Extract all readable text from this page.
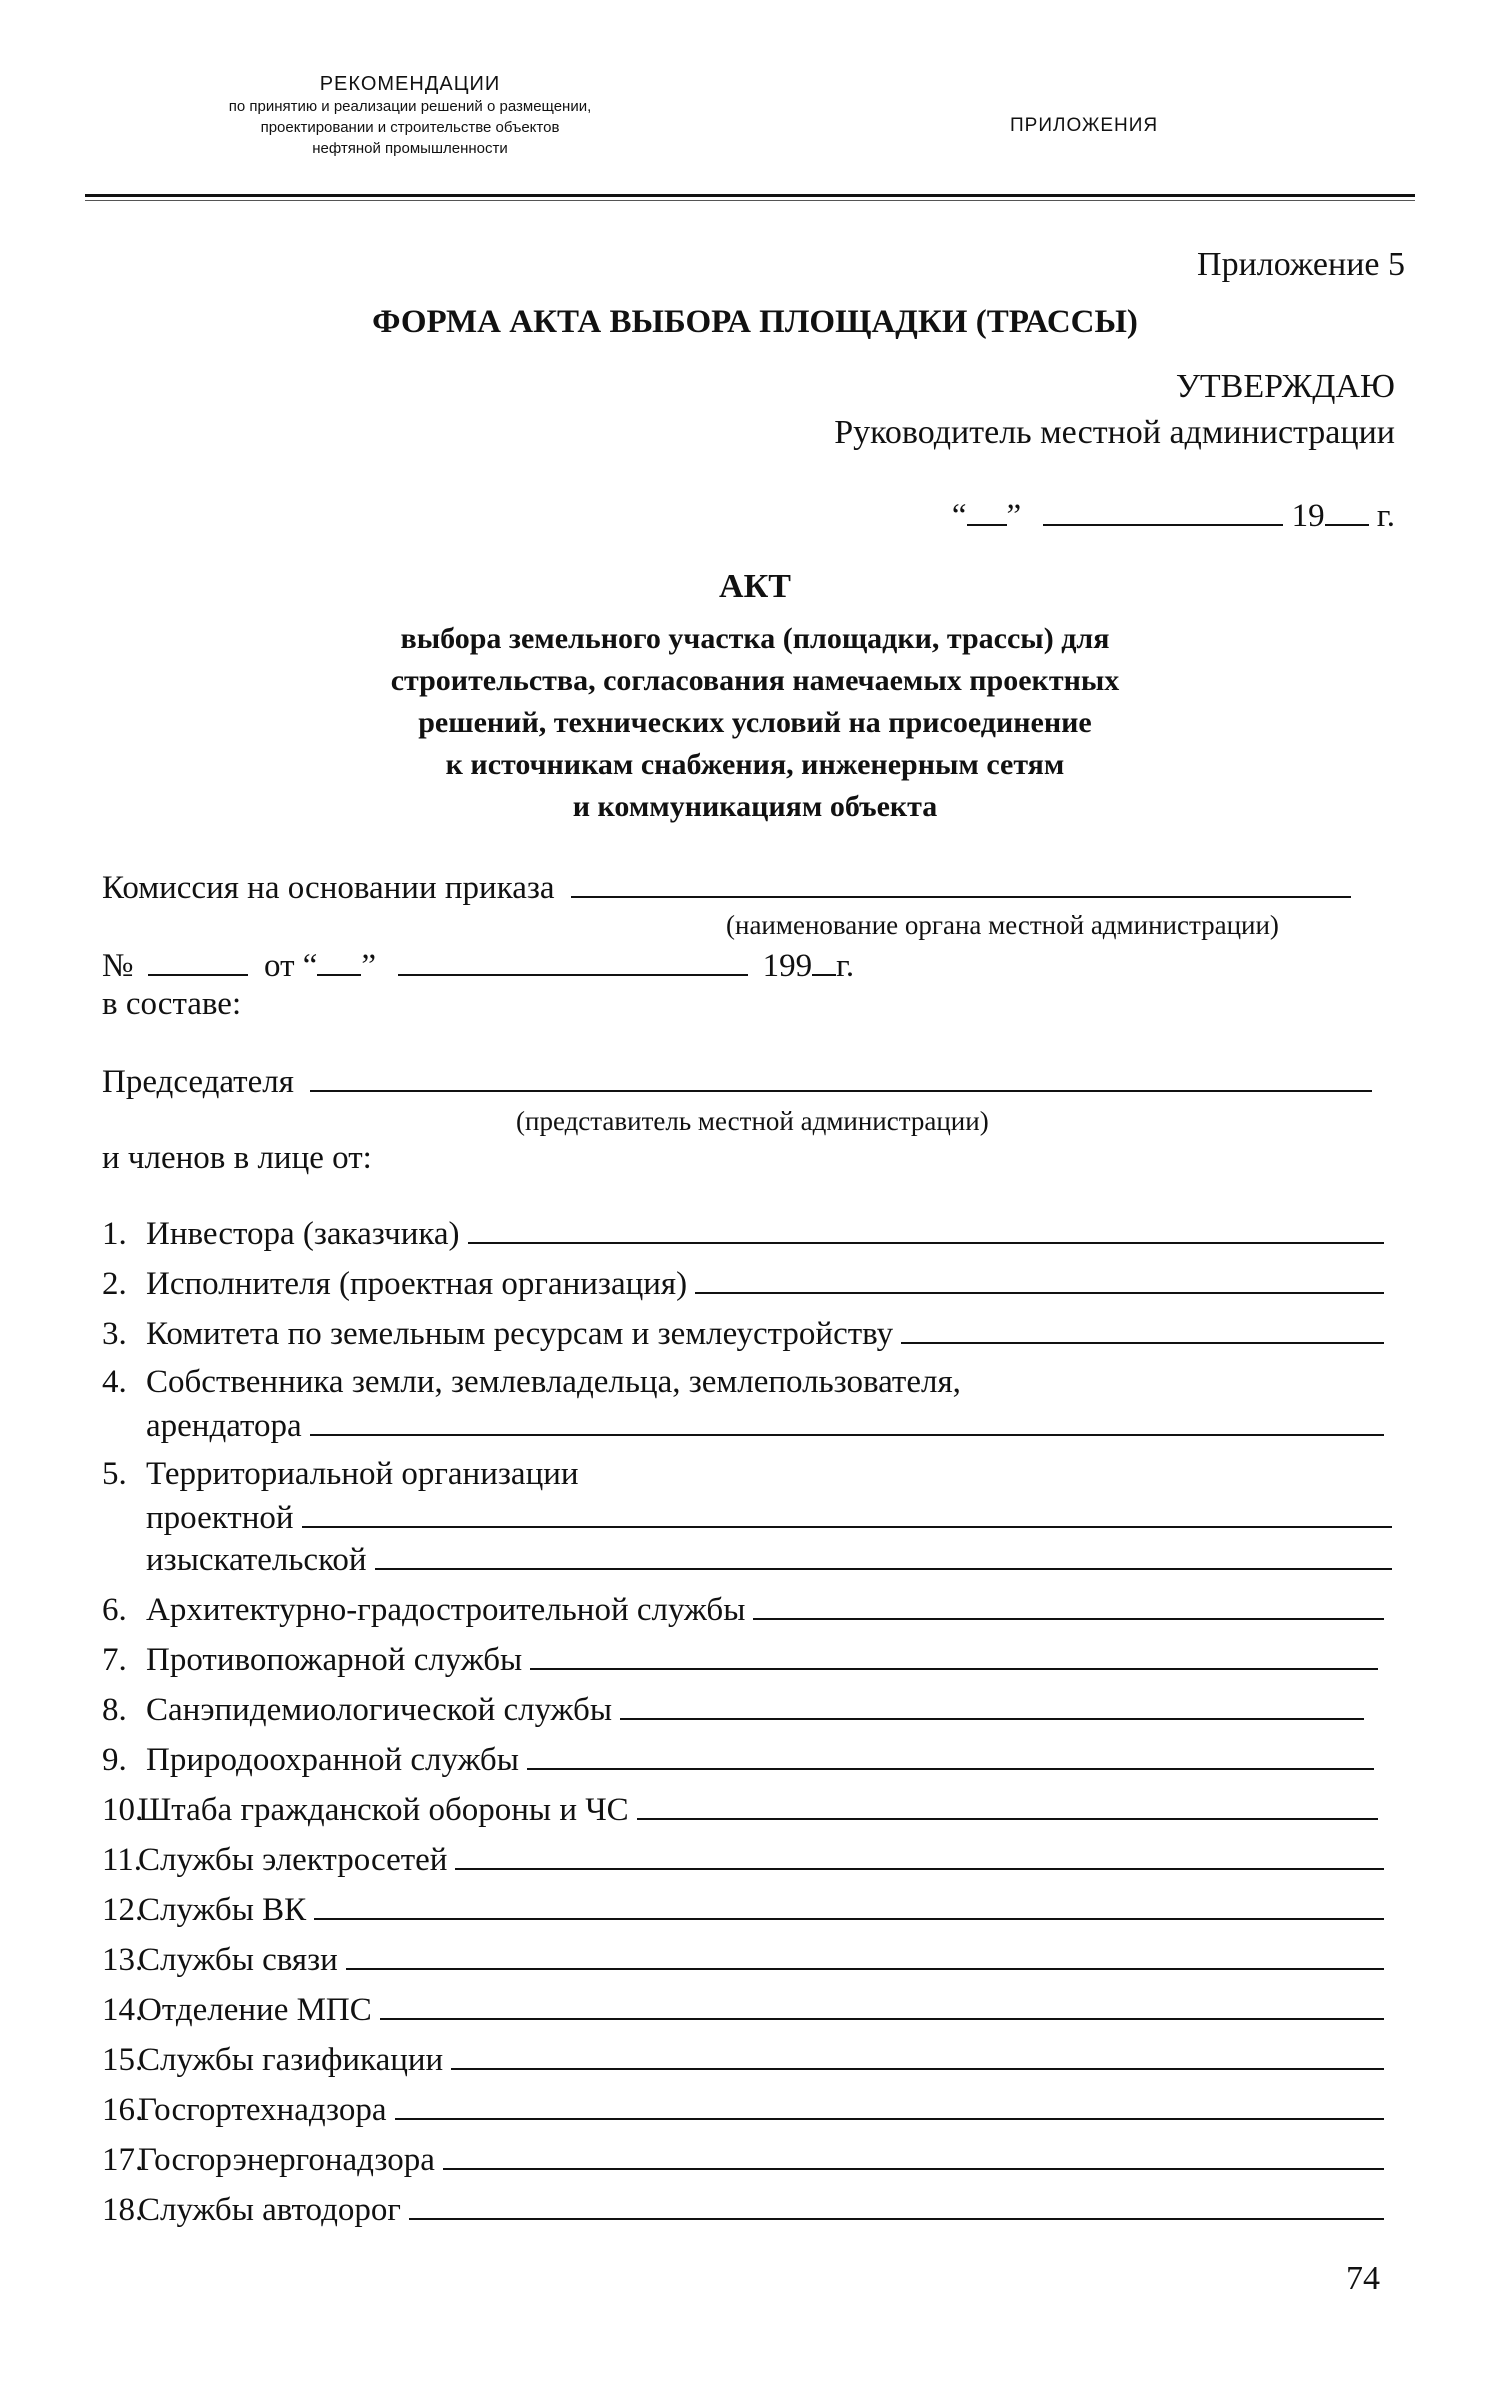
РЕКОМЕНДАЦИИ
по принятию и реализации решений о размещении,
проектировании и строительстве объектов
нефтяной промышленности
ПРИЛОЖЕНИЯ
Приложение 5
ФОРМА АКТА ВЫБОРА ПЛОЩАДКИ (ТРАССЫ)
УТВЕРЖДАЮ
Руководитель местной администрации
“ ”	19 г.
АКТ
выбора земельного участка (площадки, трассы) для
строительства, согласования намечаемых проектных
решений, технических условий на присоединение
к источникам снабжения, инженерным сетям
и коммуникациям объекта
Комиссия на основании приказа
(наименование органа местной администрации)
№	от “ ”	199 г.
в составе:
Председателя
(представитель местной администрации)
и членов в лице от:
1. Инвестора (заказчика)
2. Исполнителя (проектная организация)
3. Комитета по земельным ресурсам и землеустройству
4. Собственника земли, землевладельца, землепользователя,
арендатора
5. Территориальной организации
проектной
изыскательской
6. Архитектурно-градостроительной службы
7. Противопожарной службы
8. Санэпидемиологической службы
9. Природоохранной службы
10.
Штаба гражданской обороны и ЧС
11.
Службы электросетей
12.
Службы ВК
13.
Службы связи
14.
Отделение МПС
15.
Службы газификации
16.
Госгортехнадзора
17.
Госгорэнергонадзора
18.
Службы автодорог
74
